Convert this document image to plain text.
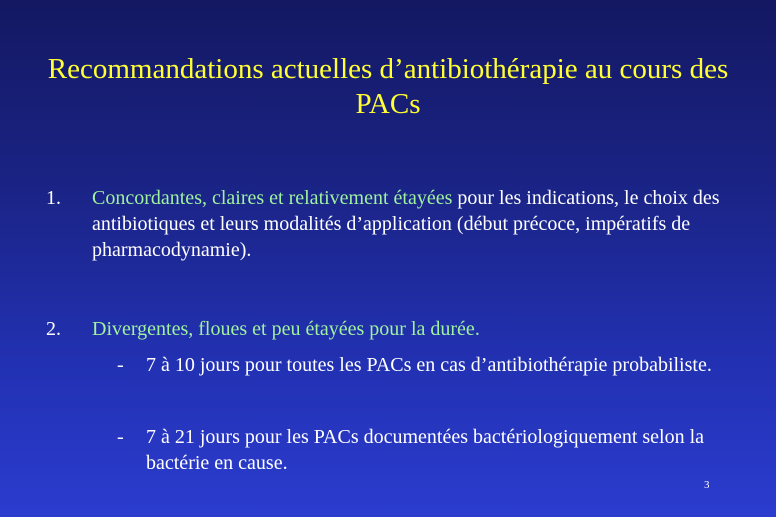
Recommandations actuelles d’antibiothérapie au cours des PACs
1. Concordantes, claires et relativement étayées pour les indications, le choix des antibiotiques et leurs modalités d’application (début précoce, impératifs de pharmacodynamie).
2. Divergentes, floues et peu étayées pour la durée.
- 7 à 10 jours pour toutes les PACs en cas d’antibiothérapie probabiliste.
- 7 à 21 jours pour les PACs documentées bactériologiquement selon la bactérie en cause.
3
